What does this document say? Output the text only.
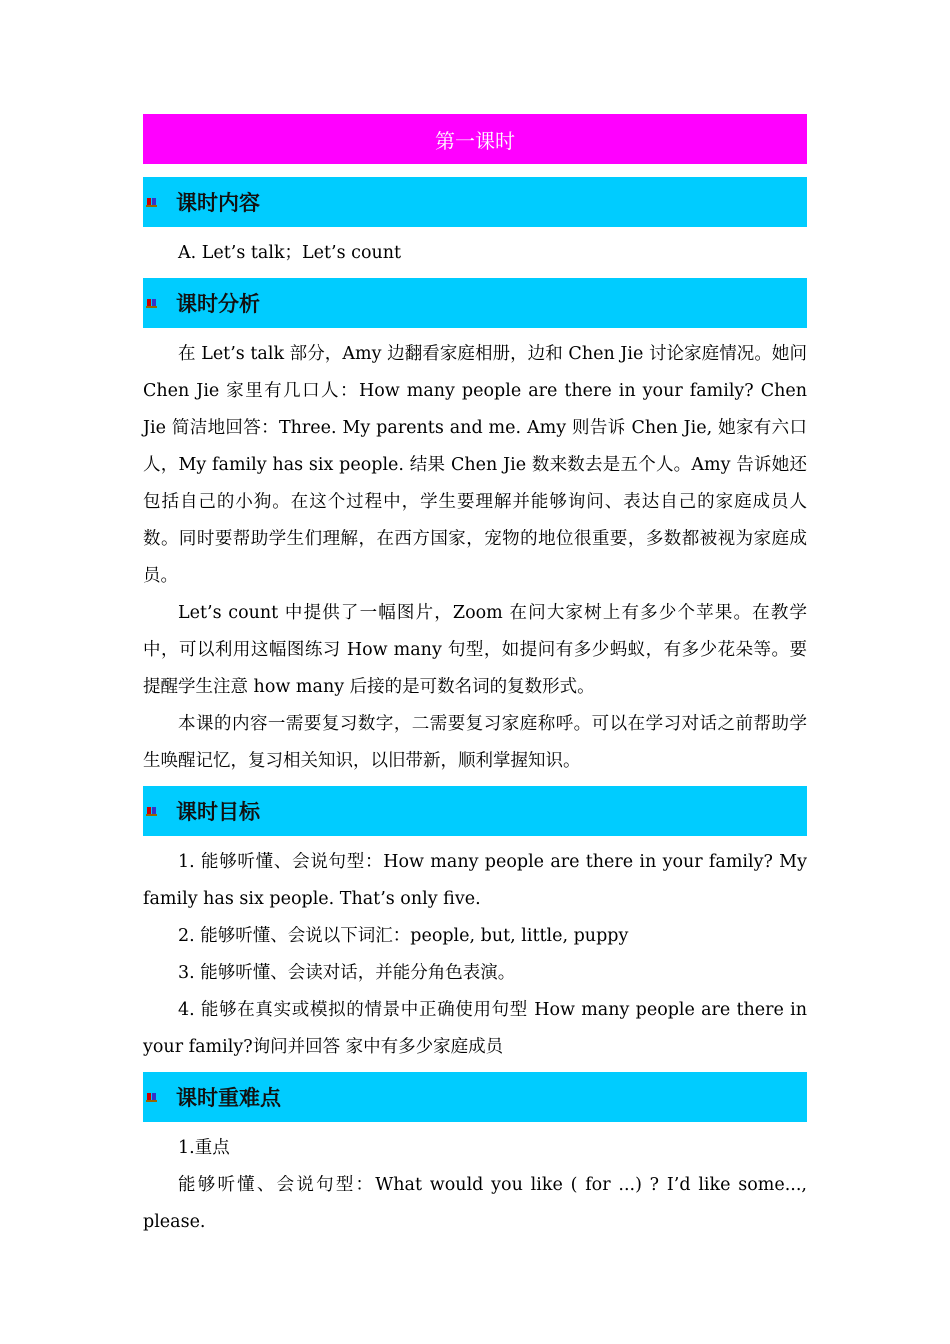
第一课时
课时内容

A. Let’s talk；Let’s count

课时分析

在 Let’s talk 部分，Amy 边翻看家庭相册，边和 Chen Jie 讨论家庭情况。她问 Chen Jie 家里有几口人：How many people are there in your family? Chen Jie 简洁地回答：Three. My parents and me. Amy 则告诉 Chen Jie, 她家有六口人，My family has six people. 结果 Chen Jie 数来数去是五个人。Amy 告诉她还包括自己的小狗。在这个过程中，学生要理解并能够询问、表达自己的家庭成员人数。同时要帮助学生们理解，在西方国家，宠物的地位很重要，多数都被视为家庭成员。

Let’s count 中提供了一幅图片，Zoom 在问大家树上有多少个苹果。在教学中，可以利用这幅图练习 How many 句型，如提问有多少蚂蚁，有多少花朵等。要提醒学生注意 how many 后接的是可数名词的复数形式。

本课的内容一需要复习数字，二需要复习家庭称呼。可以在学习对话之前帮助学生唤醒记忆，复习相关知识，以旧带新，顺利掌握知识。

课时目标

1. 能够听懂、会说句型：How many people are there in your family? My family has six people. That’s only five.

2. 能够听懂、会说以下词汇：people, but, little, puppy

3. 能够听懂、会读对话，并能分角色表演。

4. 能够在真实或模拟的情景中正确使用句型 How many people are there in your family?询问并回答 家中有多少家庭成员

课时重难点

1.重点

能够听懂、会说句型：What would you like ( for ...) ? I’d like some..., please.
